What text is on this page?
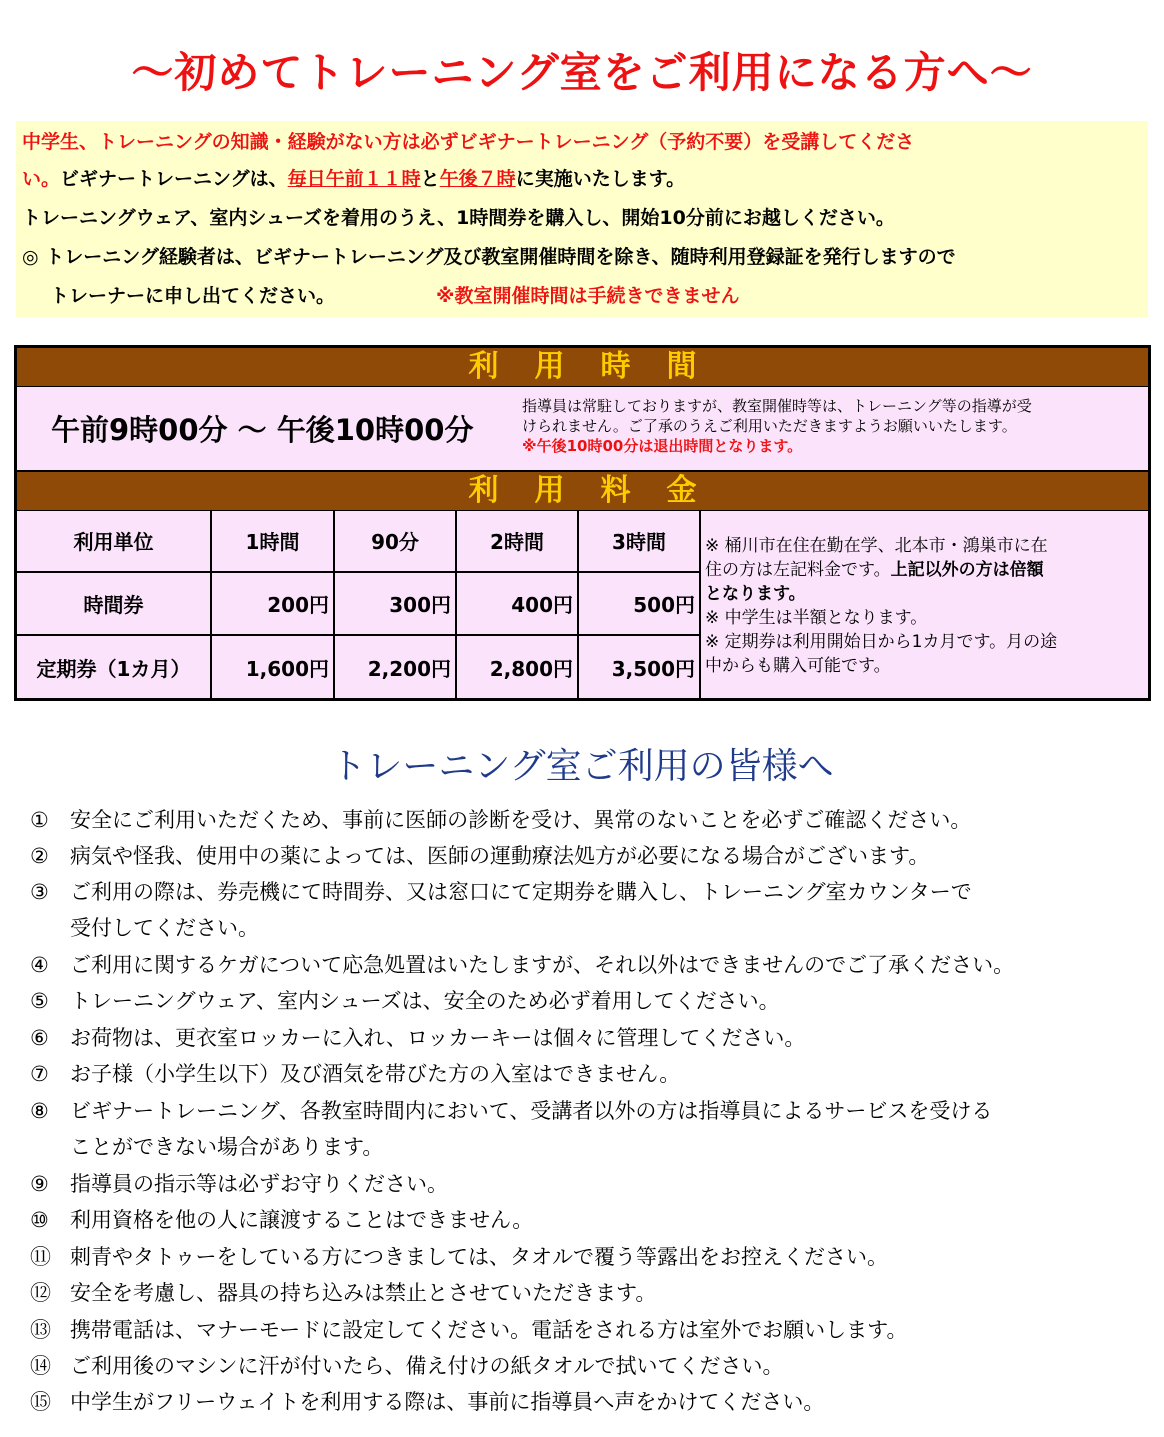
〜初めてトレーニング室をご利用になる方へ〜
中学生、トレーニングの知識・経験がない方は必ずビギナートレーニング（予約不要）を受講してくださ
い。ビギナートレーニングは、毎日午前１１時と午後７時に実施いたします。
トレーニングウェア、室内シューズを着用のうえ、1時間券を購入し、開始10分前にお越しください。
◎ トレーニング経験者は、ビギナートレーニング及び教室開催時間を除き、随時利用登録証を発行しますので
トレーナーに申し出てください。	※教室開催時間は手続きできません
利用時間
午前9時00分 〜 午後10時00分
指導員は常駐しておりますが、教室開催時等は、トレーニング等の指導が受
けられません。ご了承のうえご利用いただきますようお願いいたします。
※午後10時00分は退出時間となります。
利用料金
利用単位	1時間	90分	2時間	3時間
時間券	200円	300円	400円	500円
定期券（1カ月）	1,600円	2,200円	2,800円	3,500円
※ 桶川市在住在勤在学、北本市・鴻巣市に在
住の方は左記料金です。上記以外の方は倍額
となります。
※ 中学生は半額となります。
※ 定期券は利用開始日から1カ月です。月の途
中からも購入可能です。
トレーニング室ご利用の皆様へ
① 安全にご利用いただくため、事前に医師の診断を受け、異常のないことを必ずご確認ください。
② 病気や怪我、使用中の薬によっては、医師の運動療法処方が必要になる場合がございます。
③ ご利用の際は、券売機にて時間券、又は窓口にて定期券を購入し、トレーニング室カウンターで
受付してください。
④ ご利用に関するケガについて応急処置はいたしますが、それ以外はできませんのでご了承ください。
⑤ トレーニングウェア、室内シューズは、安全のため必ず着用してください。
⑥ お荷物は、更衣室ロッカーに入れ、ロッカーキーは個々に管理してください。
⑦ お子様（小学生以下）及び酒気を帯びた方の入室はできません。
⑧ ビギナートレーニング、各教室時間内において、受講者以外の方は指導員によるサービスを受ける
ことができない場合があります。
⑨ 指導員の指示等は必ずお守りください。
⑩ 利用資格を他の人に譲渡することはできません。
⑪ 刺青やタトゥーをしている方につきましては、タオルで覆う等露出をお控えください。
⑫ 安全を考慮し、器具の持ち込みは禁止とさせていただきます。
⑬ 携帯電話は、マナーモードに設定してください。電話をされる方は室外でお願いします。
⑭ ご利用後のマシンに汗が付いたら、備え付けの紙タオルで拭いてください。
⑮ 中学生がフリーウェイトを利用する際は、事前に指導員へ声をかけてください。
